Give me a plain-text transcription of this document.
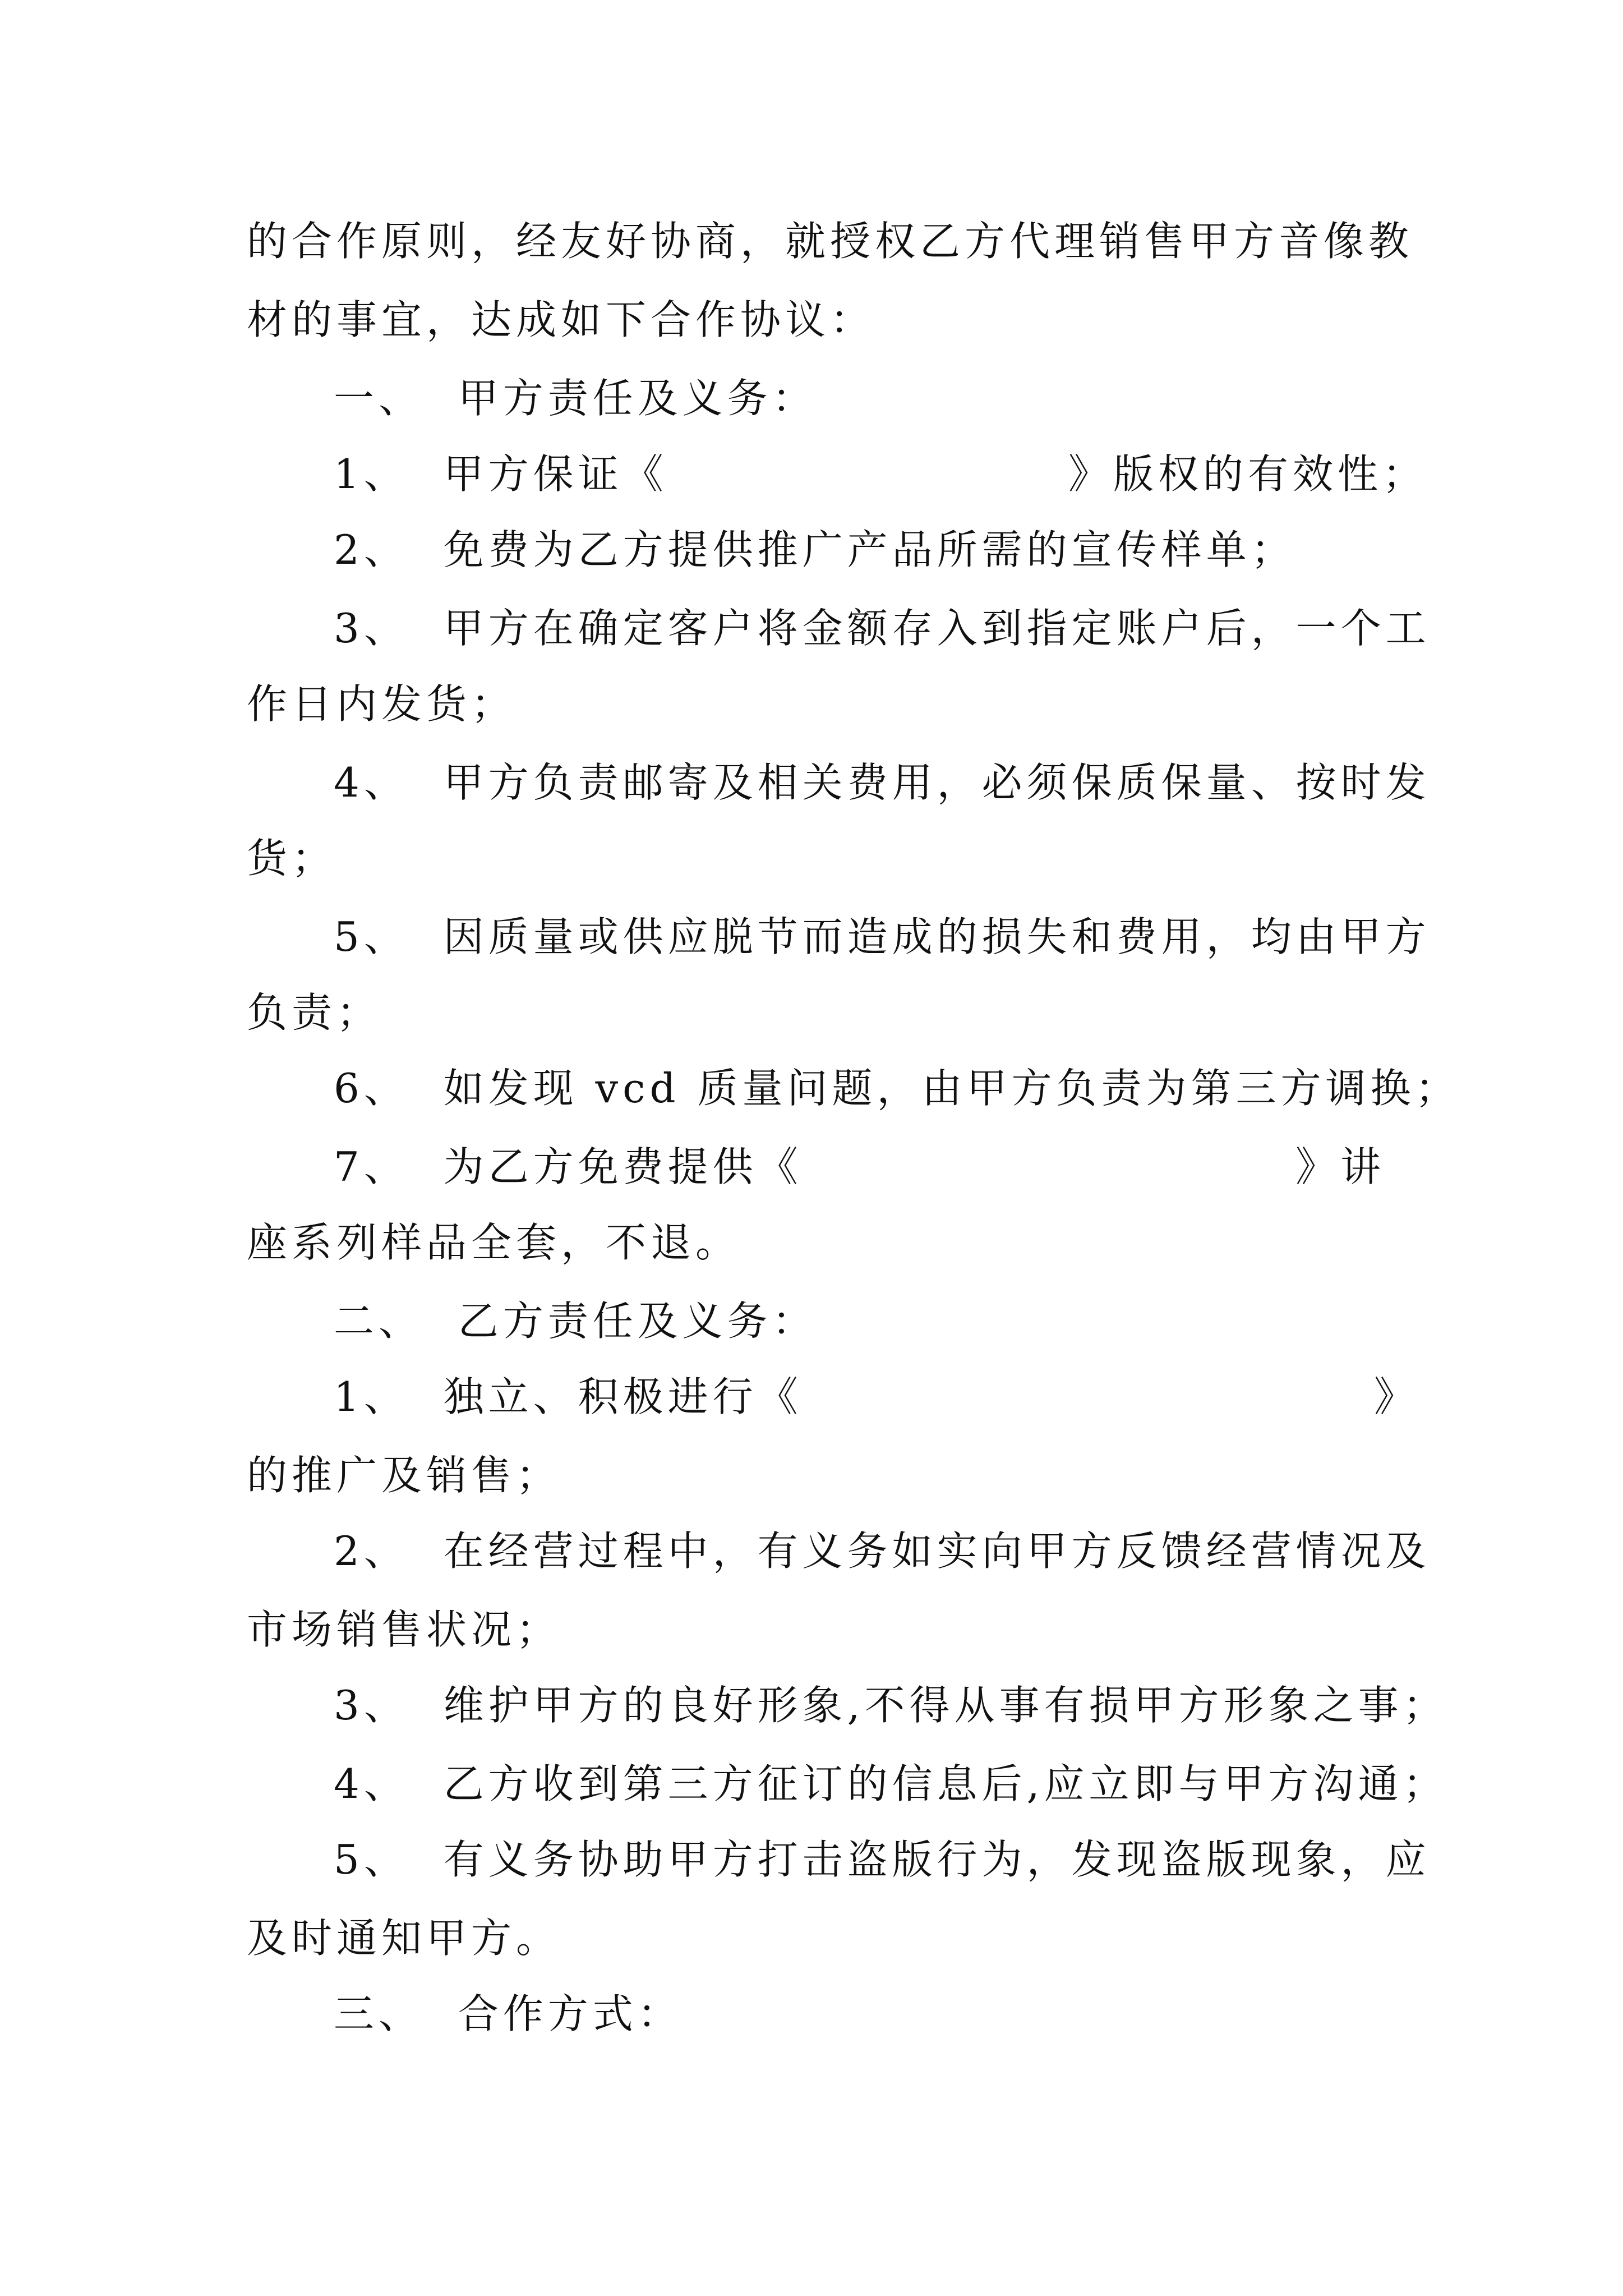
的合作原则，经友好协商，就授权乙方代理销售甲方音像教
材的事宜，达成如下合作协议：
一、  甲方责任及义务：
1、  甲方保证《	》版权的有效性；
2、  免费为乙方提供推广产品所需的宣传样单；
3、  甲方在确定客户将金额存入到指定账户后，一个工
作日内发货；
4、  甲方负责邮寄及相关费用，必须保质保量、按时发
货；
5、  因质量或供应脱节而造成的损失和费用，均由甲方
负责；
6、  如发现 vcd 质量问题，由甲方负责为第三方调换；
7、  为乙方免费提供《	》讲
座系列样品全套，不退。
二、  乙方责任及义务：
1、  独立、积极进行《	》
的推广及销售；
2、  在经营过程中，有义务如实向甲方反馈经营情况及
市场销售状况；
3、  维护甲方的良好形象,不得从事有损甲方形象之事；
4、  乙方收到第三方征订的信息后,应立即与甲方沟通；
5、  有义务协助甲方打击盗版行为，发现盗版现象，应
及时通知甲方。
三、  合作方式：
